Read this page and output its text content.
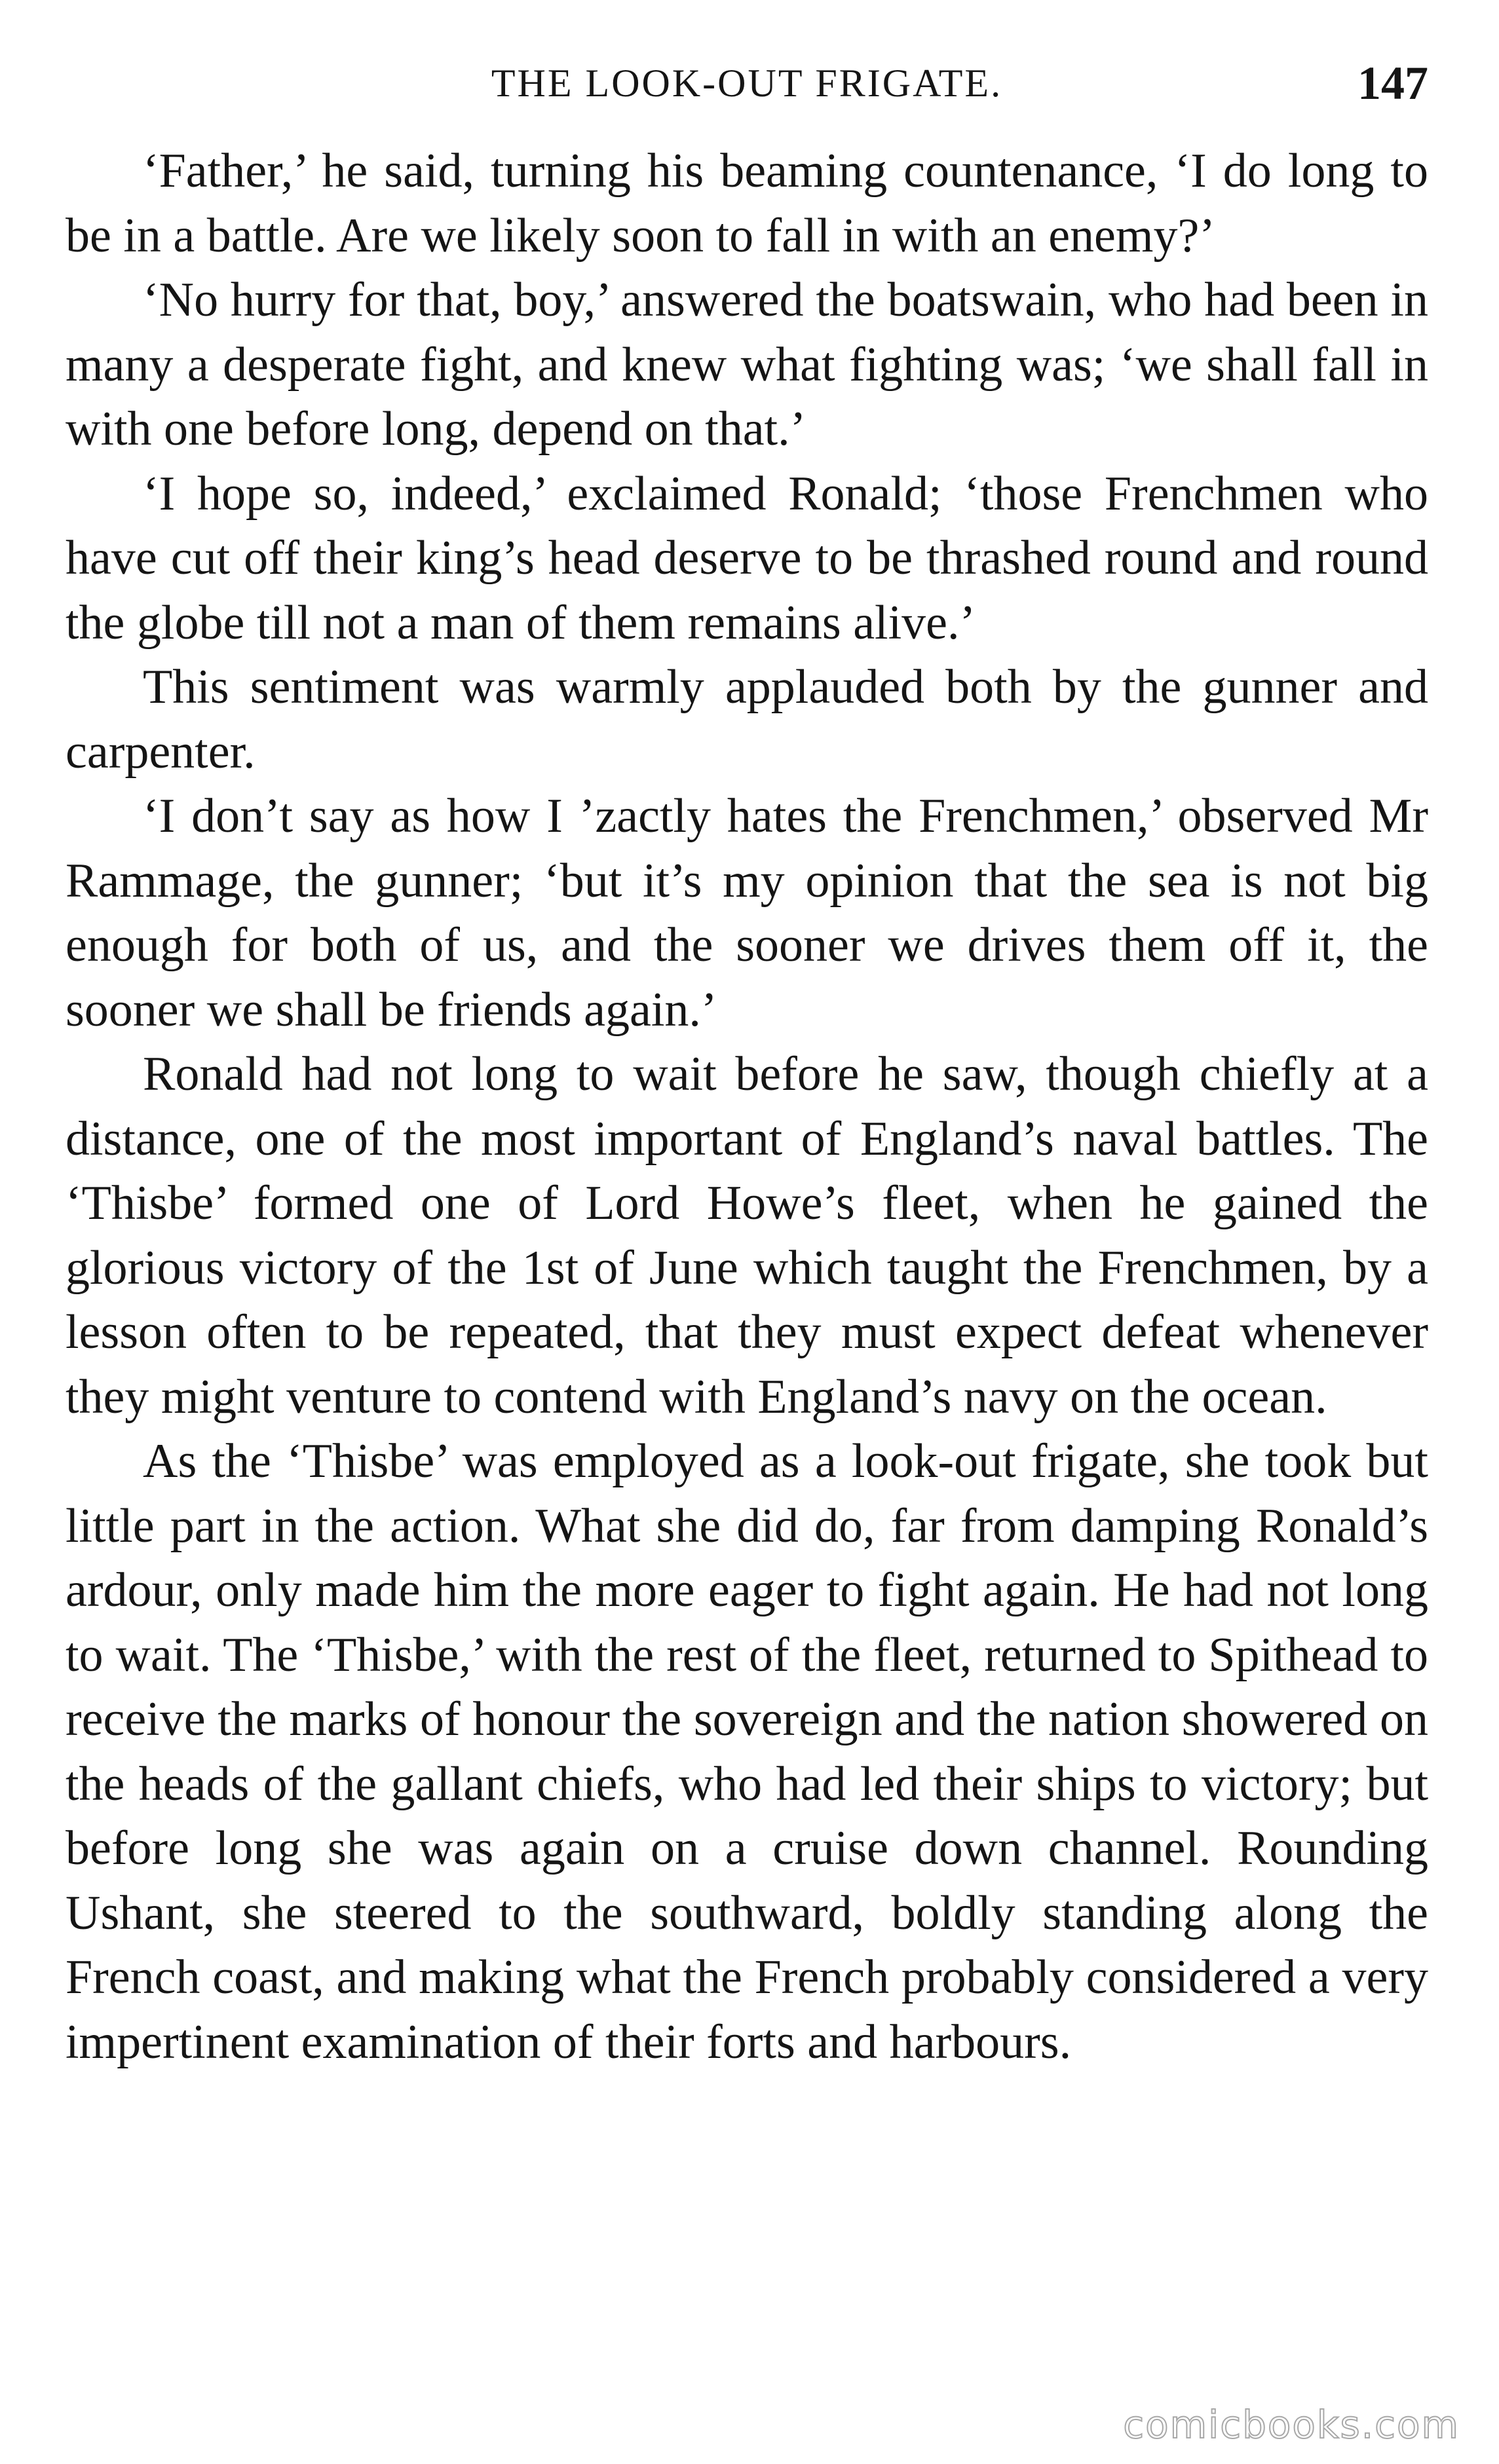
THE LOOK-OUT FRIGATE.	147

‘Father,’ he said, turning his beaming countenance, ‘I do long to be in a battle. Are we likely soon to fall in with an enemy?’

‘No hurry for that, boy,’ answered the boatswain, who had been in many a desperate fight, and knew what fighting was; ‘we shall fall in with one before long, depend on that.’

‘I hope so, indeed,’ exclaimed Ronald; ‘those Frenchmen who have cut off their king’s head deserve to be thrashed round and round the globe till not a man of them remains alive.’

This sentiment was warmly applauded both by the gunner and carpenter.

‘I don’t say as how I ’zactly hates the Frenchmen,’ observed Mr Rammage, the gunner; ‘but it’s my opinion that the sea is not big enough for both of us, and the sooner we drives them off it, the sooner we shall be friends again.’

Ronald had not long to wait before he saw, though chiefly at a distance, one of the most important of England’s naval battles. The ‘Thisbe’ formed one of Lord Howe’s fleet, when he gained the glorious victory of the 1st of June which taught the Frenchmen, by a lesson often to be repeated, that they must expect defeat whenever they might venture to contend with England’s navy on the ocean.

As the ‘Thisbe’ was employed as a look-out frigate, she took but little part in the action. What she did do, far from damping Ronald’s ardour, only made him the more eager to fight again. He had not long to wait. The ‘Thisbe,’ with the rest of the fleet, returned to Spithead to receive the marks of honour the sovereign and the nation showered on the heads of the gallant chiefs, who had led their ships to victory; but before long she was again on a cruise down channel. Rounding Ushant, she steered to the southward, boldly standing along the French coast, and making what the French probably considered a very impertinent examination of their forts and harbours.

comicbooks.com
